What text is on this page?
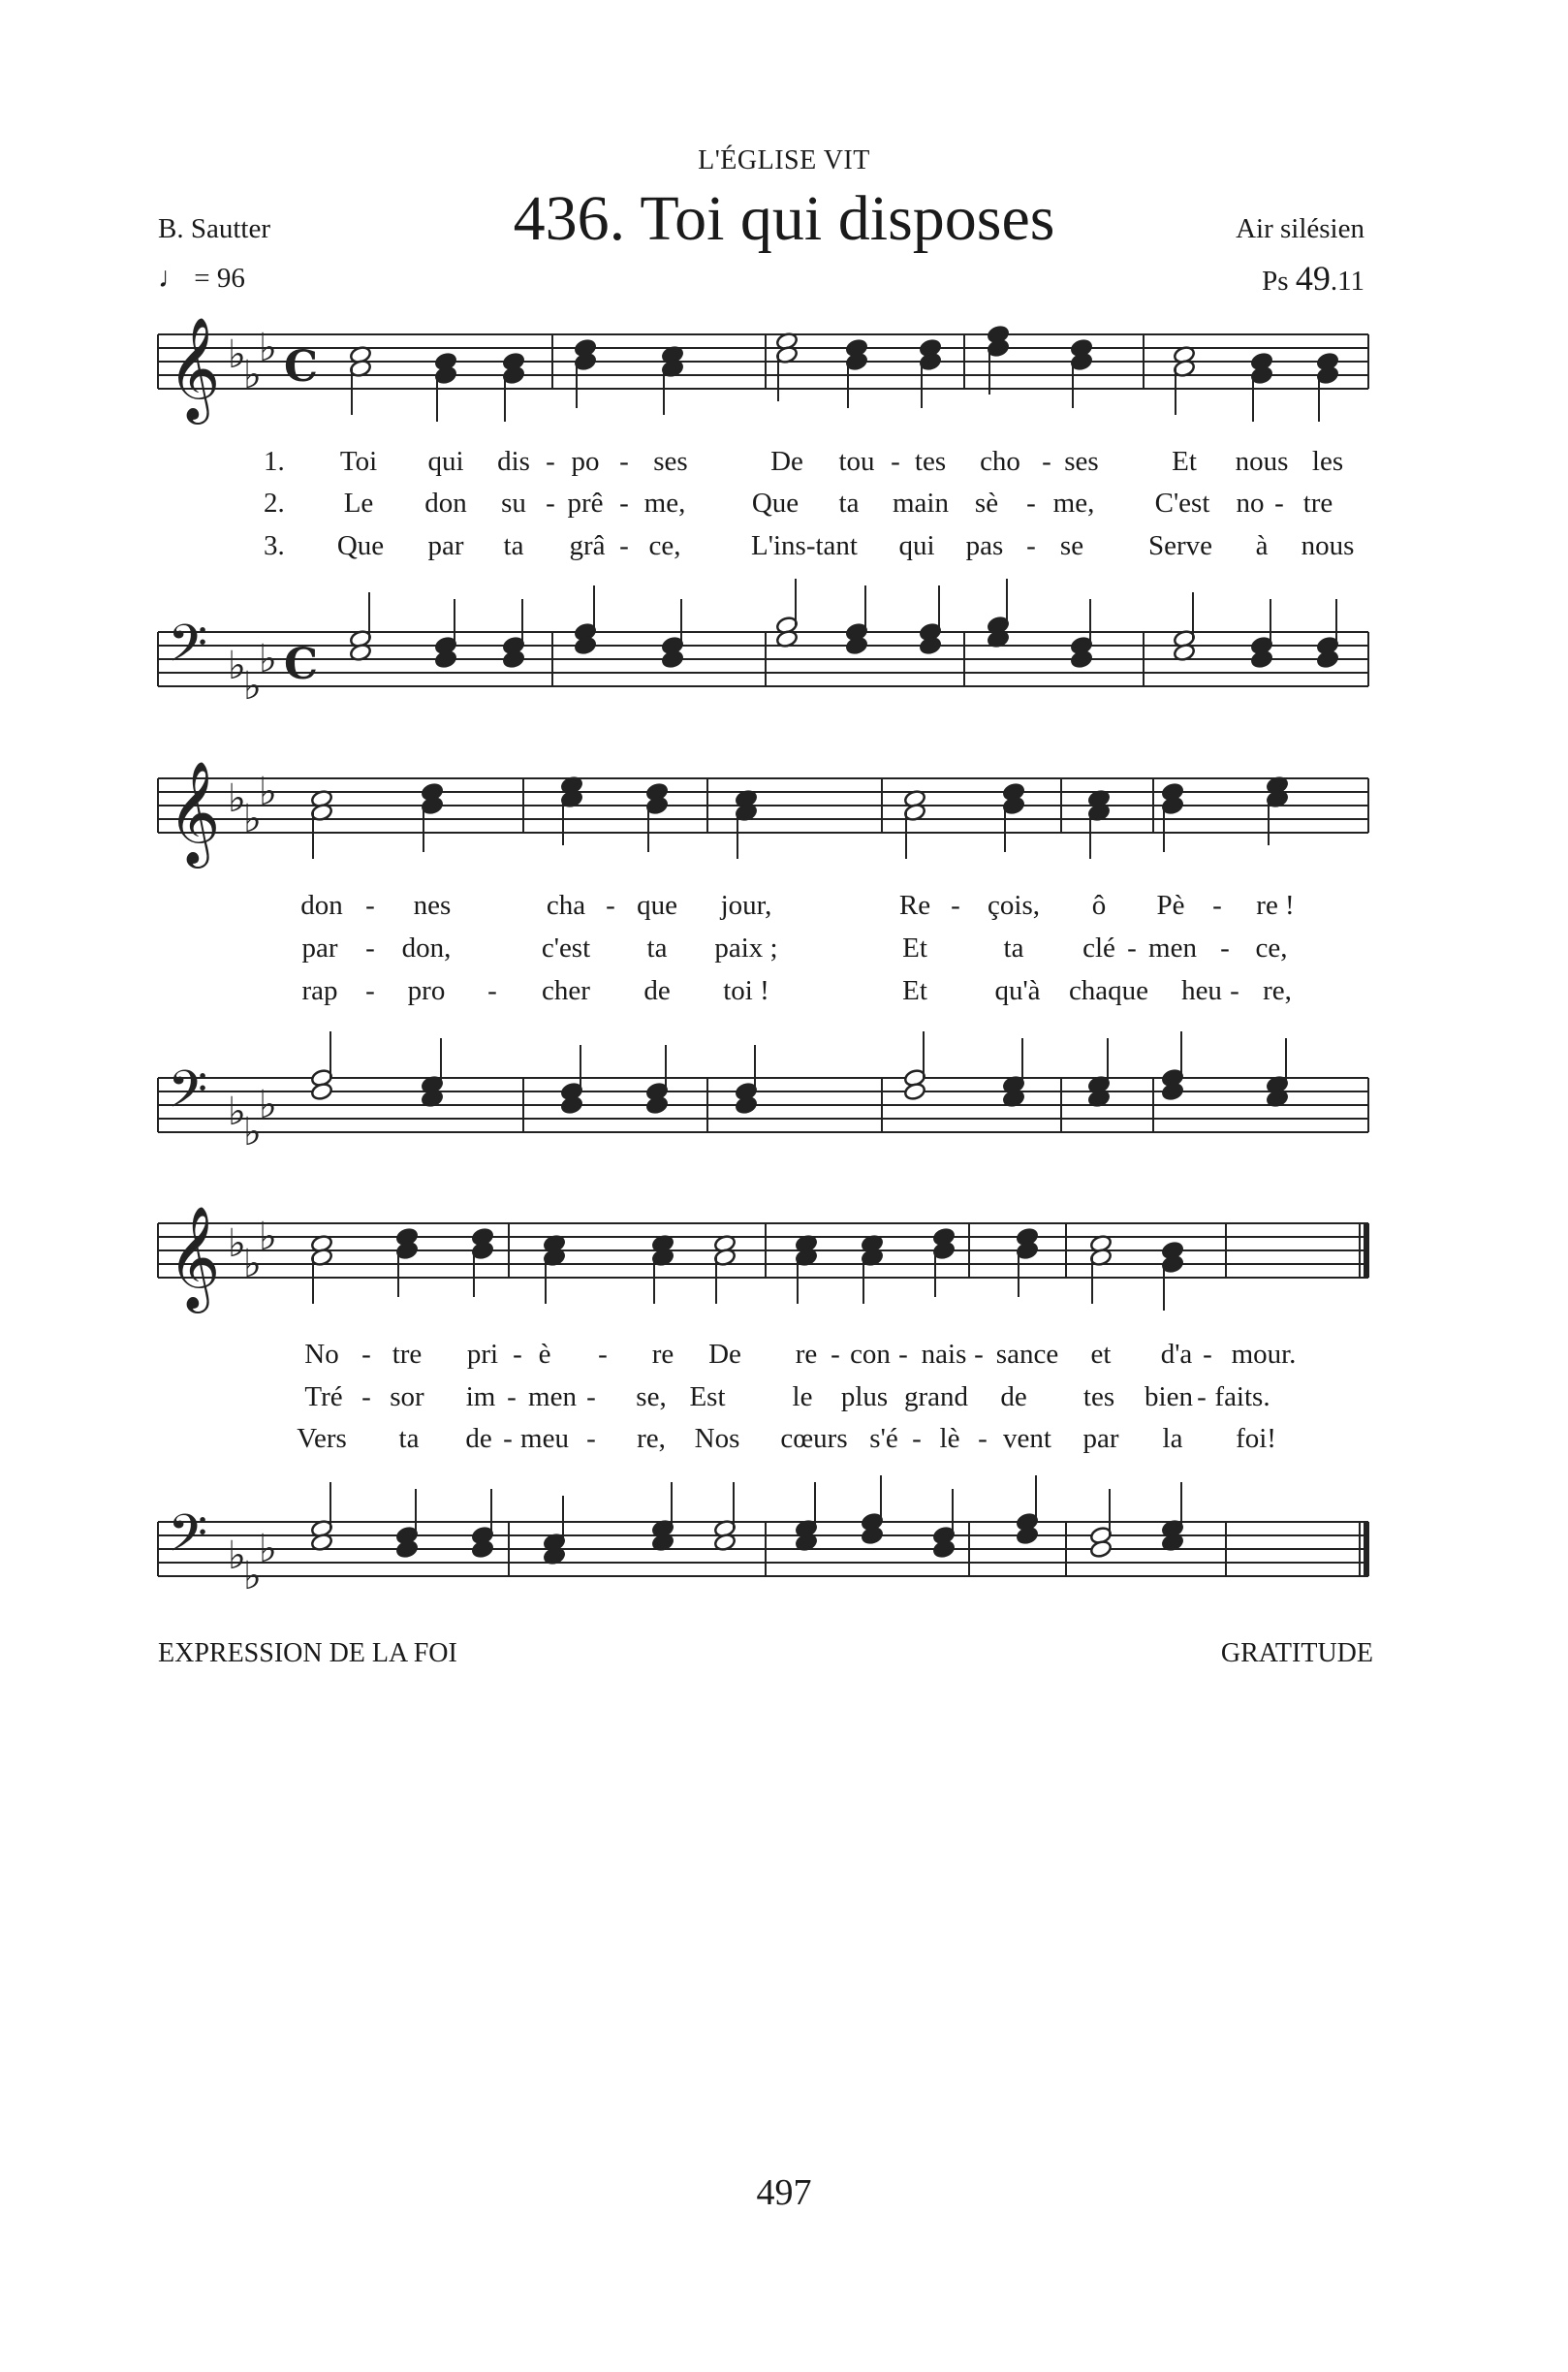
L'ÉGLISE VIT
436. Toi qui disposes
B. Sautter
♩ = 96
Air silésien
Ps 49.11
𝄞 ♭
♭
♭ C
𝄢 ♭
♭
♭ C
𝄞 ♭
♭
♭
𝄢 ♭
♭
♭
𝄞 ♭
♭
♭
𝄢 ♭
♭
♭
1. Toi qui dis - po - ses	De tou - tes cho - ses	Et nous les
2. Le don su - prê - me, Que ta main sè - me, C'est no - tre
3. Que par ta grâ - ce,	L'ins-tant qui pas - se Serve à nous
don - nes	cha - que jour,	Re - çois, ô Pè - re !
par - don,	c'est ta paix ;	Et	ta clé - men - ce,
rap - pro - cher de toi !	Et qu'à chaque heu - re,
No - tre pri - è - re De re - con - nais - sance et d'a - mour.
Tré - sor im - men - se, Est le plus grand de tes bien - faits.
Vers ta de - meu - re, Nos cœurs s'é - lè - vent par la foi!
EXPRESSION DE LA FOI	GRATITUDE
497
